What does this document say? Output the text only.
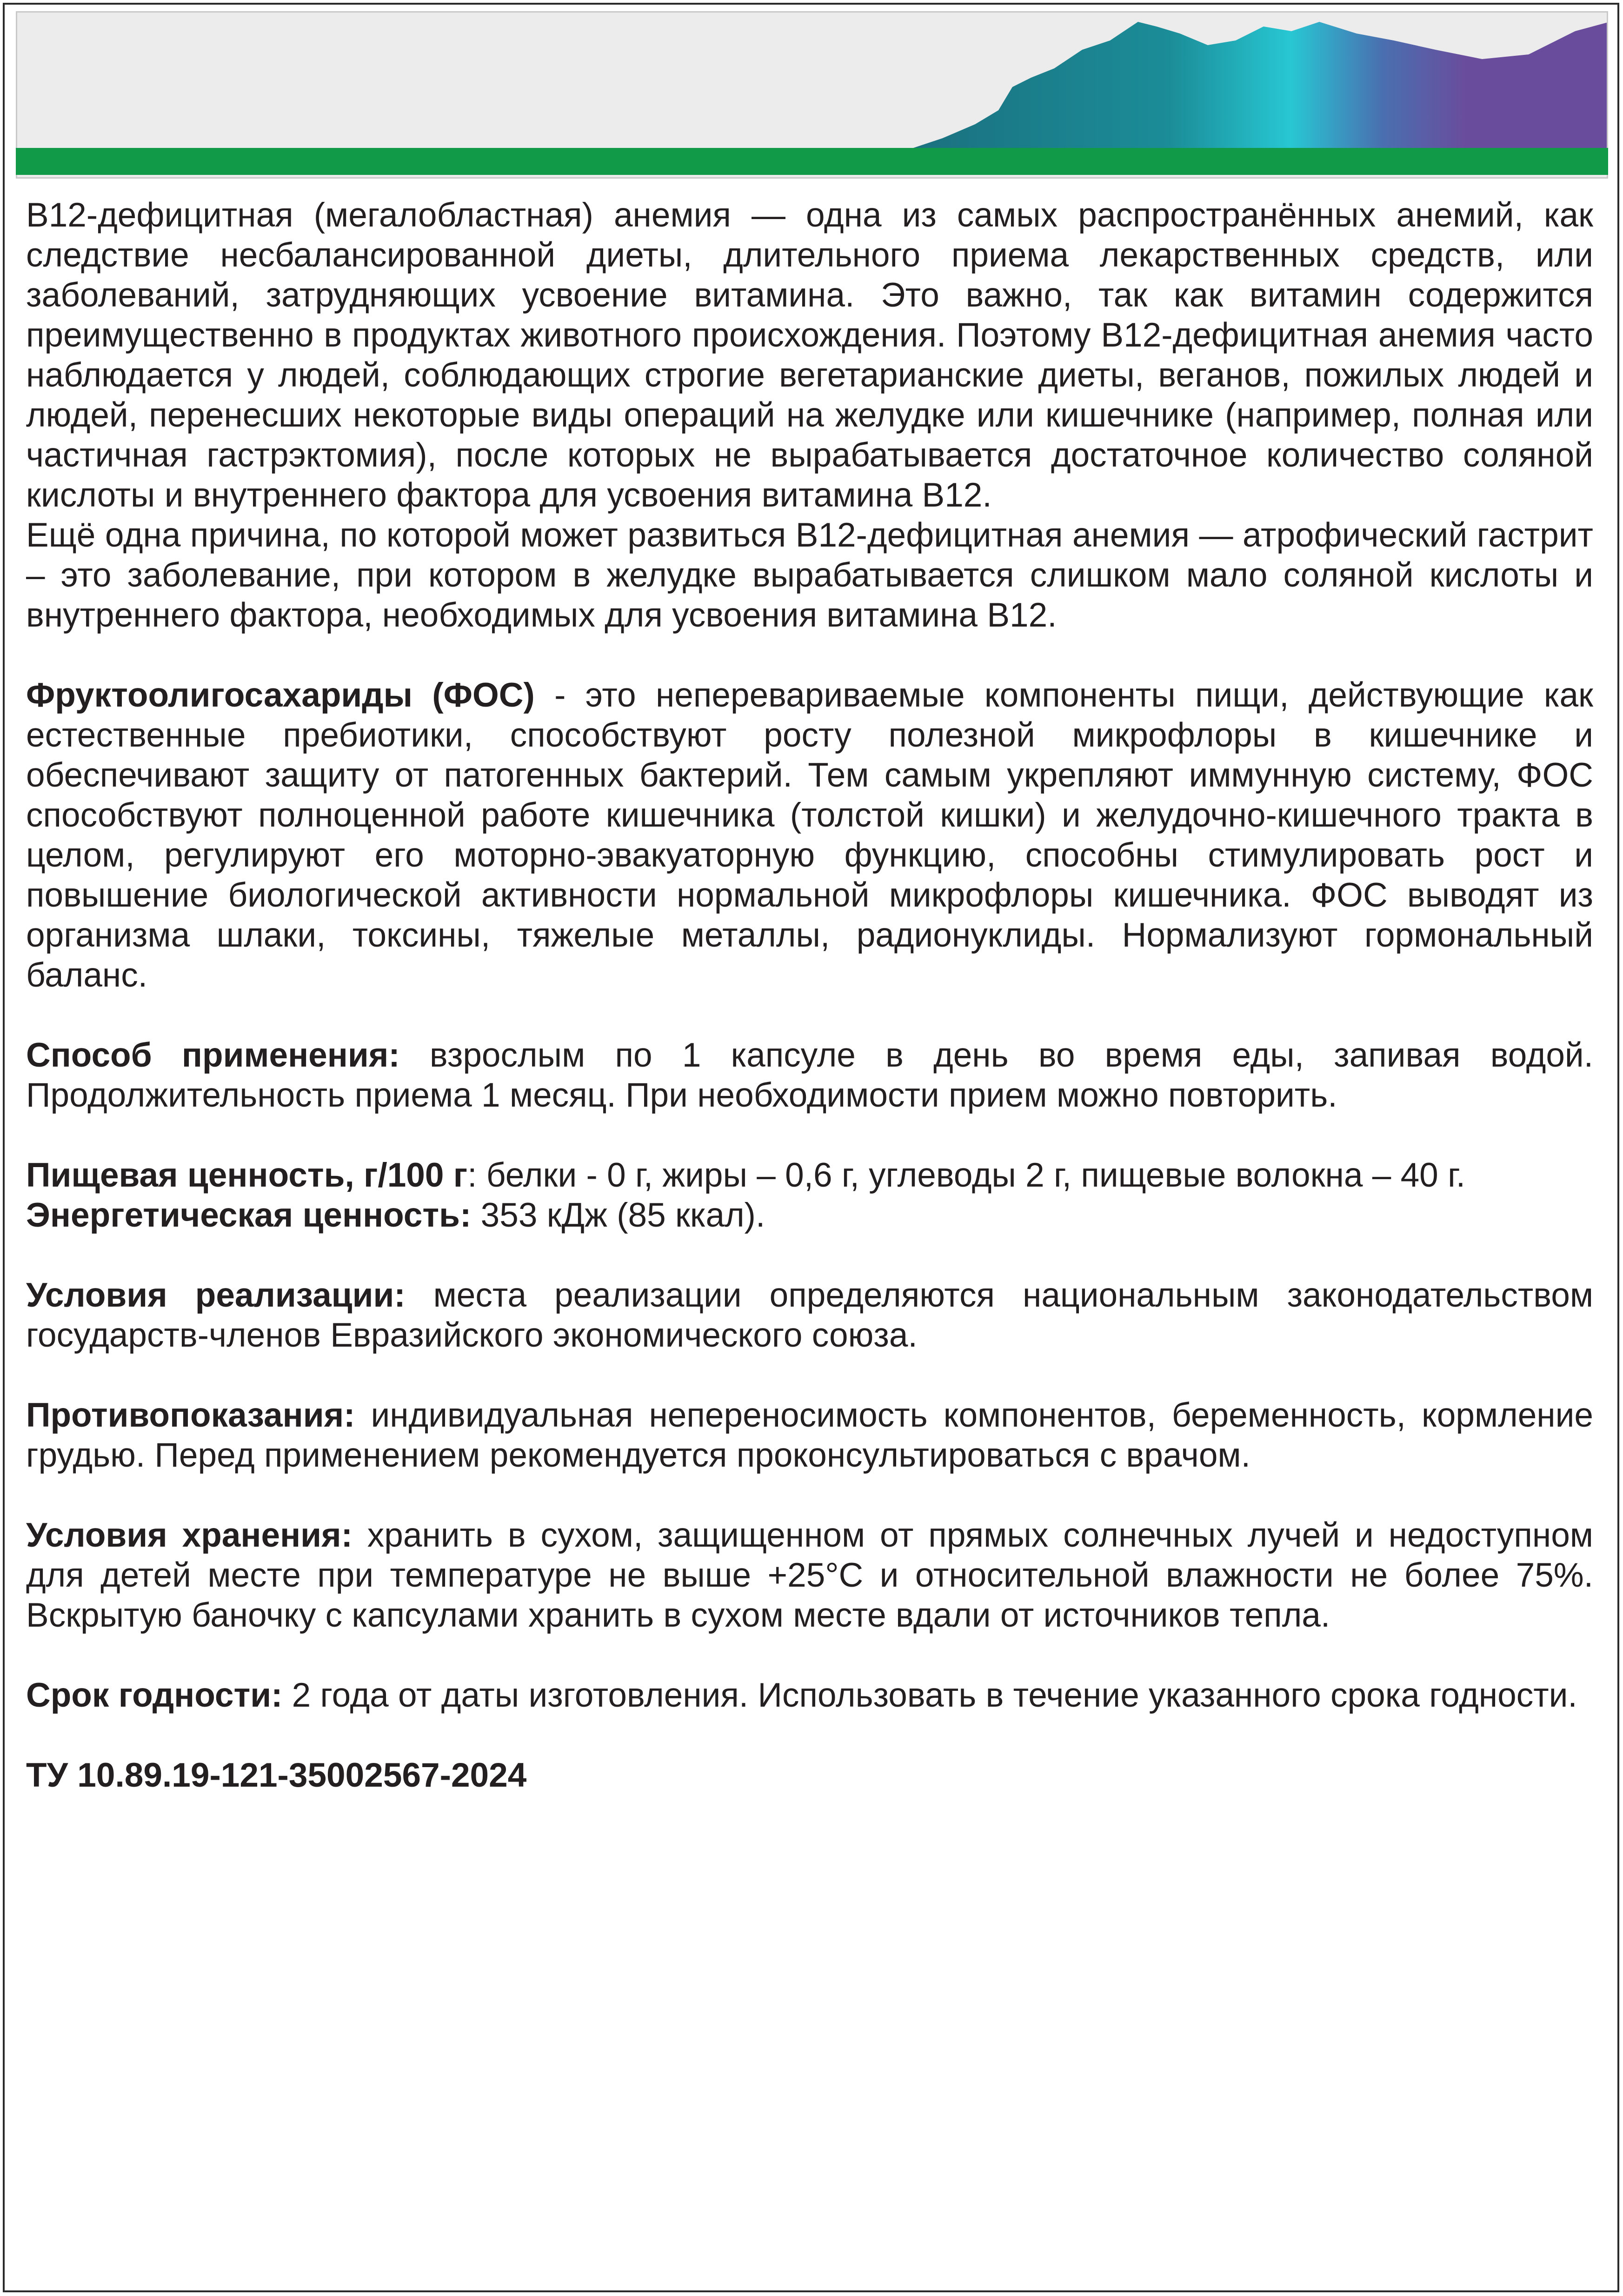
B12-дефицитная (мегалобластная) анемия — одна из самых распространённых анемий, как следствие несбалансированной диеты, длительного приема лекарственных средств, или заболеваний, затрудняющих усвоение витамина. Это важно, так как витамин содержится преимущественно в продуктах животного происхождения. Поэтому B12-дефицитная анемия часто наблюдается у людей, соблюдающих строгие вегетарианские диеты, веганов, пожилых людей и людей, перенесших некоторые виды операций на желудке или кишечнике (например, полная или частичная гастрэктомия), после которых не вырабатывается достаточное количество соляной кислоты и внутреннего фактора для усвоения витамина B12.

Ещё одна причина, по которой может развиться B12-дефицитная анемия — атрофический гастрит – это заболевание, при котором в желудке вырабатывается слишком мало соляной кислоты и внутреннего фактора, необходимых для усвоения витамина B12.

Фруктоолигосахариды (ФОС) - это неперевариваемые компоненты пищи, действующие как естественные пребиотики, способствуют росту полезной микрофлоры в кишечнике и обеспечивают защиту от патогенных бактерий. Тем самым укрепляют иммунную систему, ФОС способствуют полноценной работе кишечника (толстой кишки) и желудочно-кишечного тракта в целом, регулируют его моторно-эвакуаторную функцию, способны стимулировать рост и повышение биологической активности нормальной микрофлоры кишечника. ФОС выводят из организма шлаки, токсины, тяжелые металлы, радионуклиды. Нормализуют гормональный баланс.

Способ применения: взрослым по 1 капсуле в день во время еды, запивая водой. Продолжительность приема 1 месяц. При необходимости прием можно повторить.

Пищевая ценность, г/100 г: белки - 0 г, жиры – 0,6 г, углеводы 2 г, пищевые волокна – 40 г.

Энергетическая ценность: 353 кДж (85 ккал).

Условия реализации: места реализации определяются национальным законодательством государств-членов Евразийского экономического союза.

Противопоказания: индивидуальная непереносимость компонентов, беременность, кормление грудью. Перед применением рекомендуется проконсультироваться с врачом.

Условия хранения: хранить в сухом, защищенном от прямых солнечных лучей и недоступном для детей месте при температуре не выше +25°С и относительной влажности не более 75%. Вскрытую баночку с капсулами хранить в сухом месте вдали от источников тепла.

Срок годности: 2 года от даты изготовления. Использовать в течение указанного срока годности.

ТУ 10.89.19-121-35002567-2024
